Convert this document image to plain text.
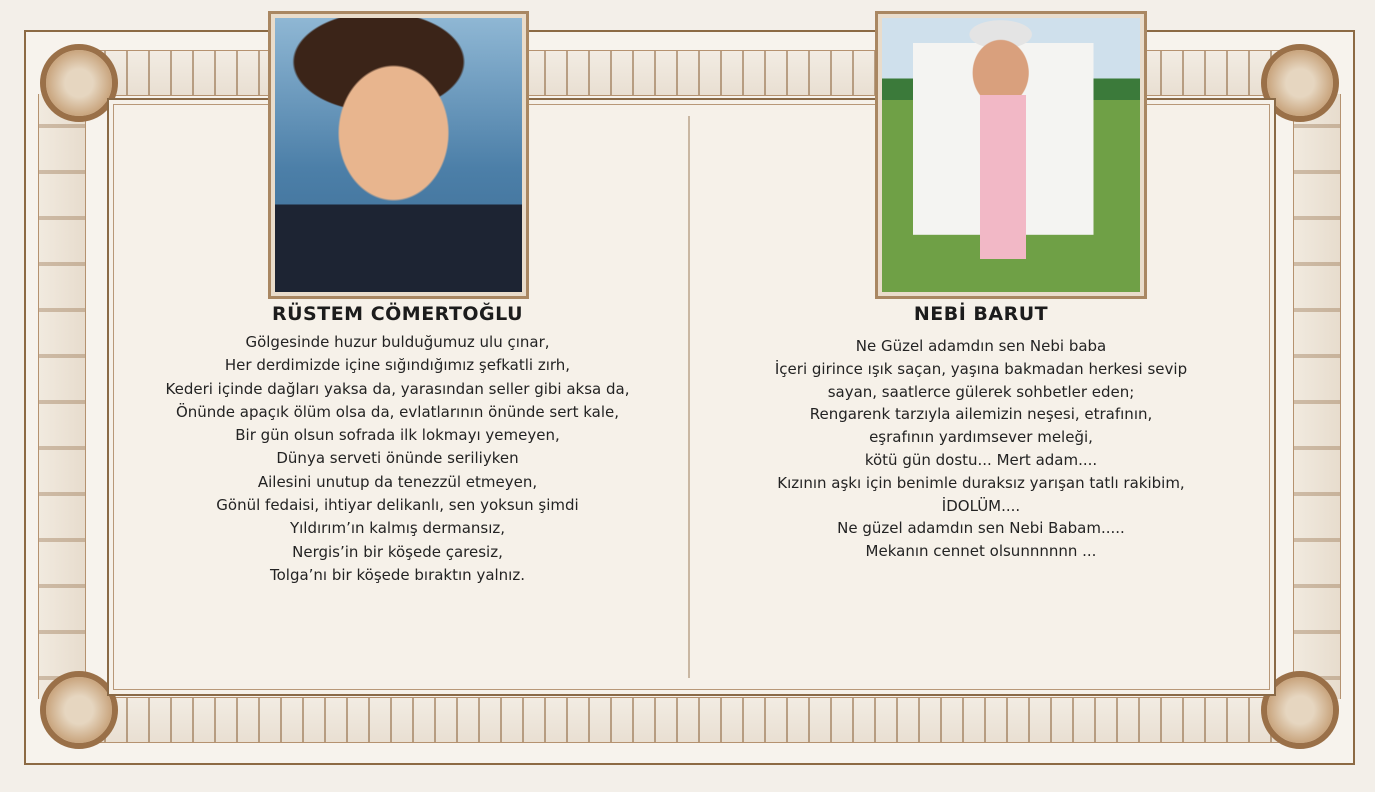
RÜSTEM CÖMERTOĞLU
Gölgesinde huzur bulduğumuz ulu çınar,
Her derdimizde içine sığındığımız şefkatli zırh,
Kederi içinde dağları yaksa da, yarasından seller gibi aksa da,
Önünde apaçık ölüm olsa da, evlatlarının önünde sert kale,
Bir gün olsun sofrada ilk lokmayı yemeyen,
Dünya serveti önünde seriliyken
Ailesini unutup da tenezzül etmeyen,
Gönül fedaisi, ihtiyar delikanlı, sen yoksun şimdi
Yıldırım’ın kalmış dermansız,
Nergis’in bir köşede çaresiz,
Tolga’nı bir köşede bıraktın yalnız.
NEBİ BARUT
Ne Güzel adamdın sen Nebi baba
İçeri girince ışık saçan, yaşına bakmadan herkesi sevip
sayan, saatlerce gülerek sohbetler eden;
Rengarenk tarzıyla ailemizin neşesi, etrafının,
eşrafının yardımsever meleği,
kötü gün dostu... Mert adam....
Kızının aşkı için benimle duraksız yarışan tatlı rakibim,
İDOLÜM....
Ne güzel adamdın sen Nebi Babam.....
Mekanın cennet olsunnnnnn ...
